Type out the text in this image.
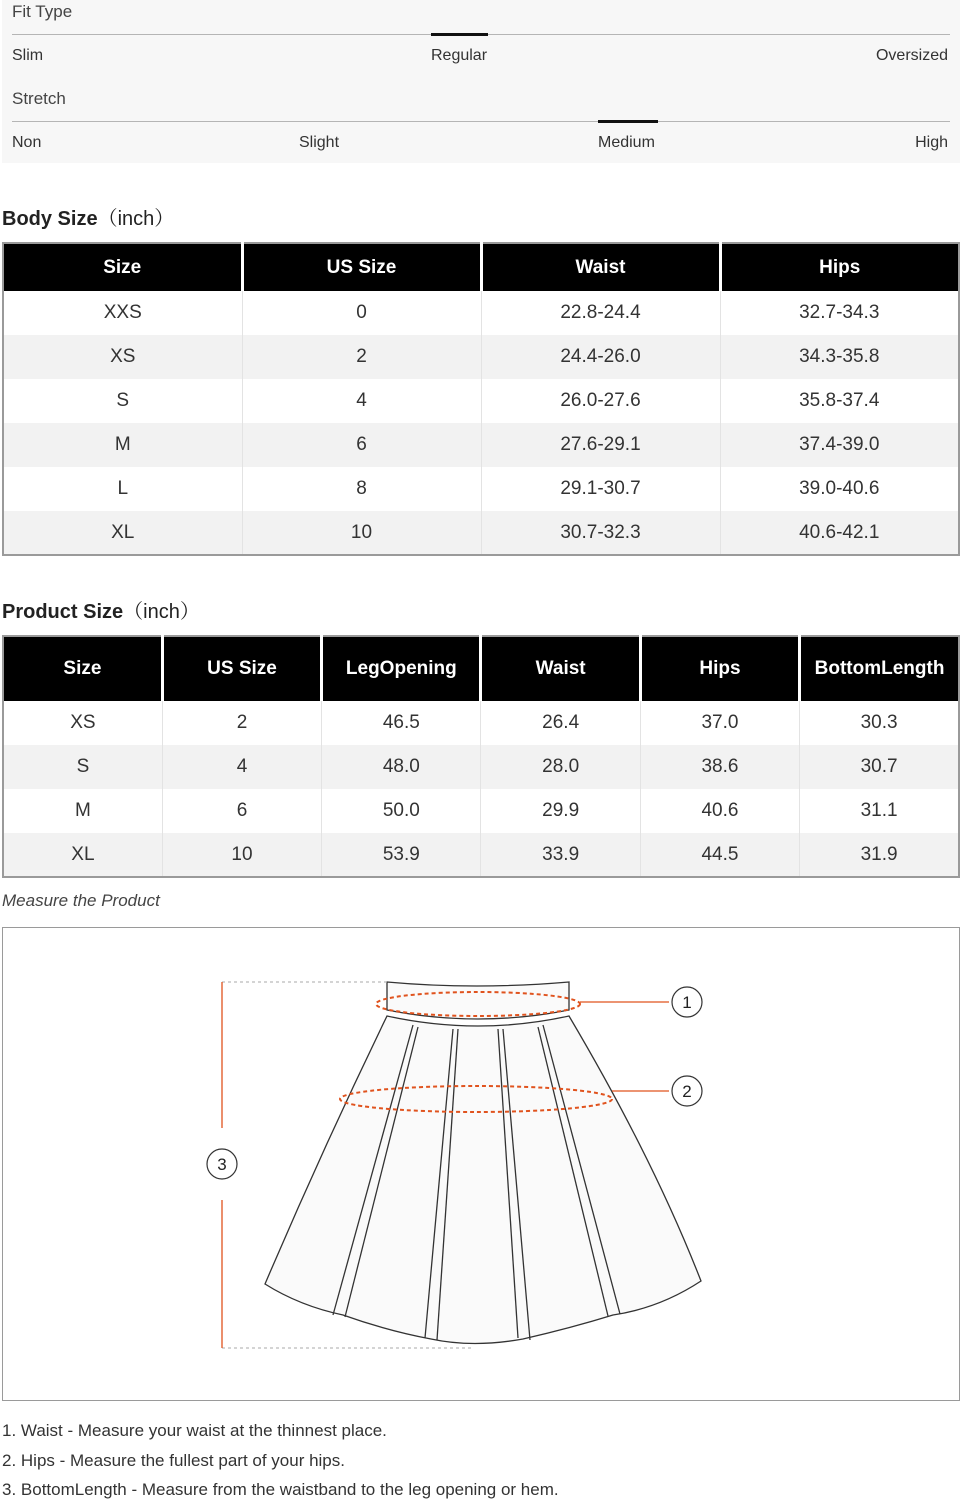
Fit Type
Slim	Regular	Oversized
Stretch
Non	Slight	Medium	High
Body Size（inch）
Size	US Size	Waist	Hips
XXS	0	22.8-24.4	32.7-34.3
XS	2	24.4-26.0	34.3-35.8
S	4	26.0-27.6	35.8-37.4
M	6	27.6-29.1	37.4-39.0
L	8	29.1-30.7	39.0-40.6
XL	10	30.7-32.3	40.6-42.1
Product Size（inch）
Size	US Size	LegOpening	Waist	Hips	BottomLength
XS	2	46.5	26.4	37.0	30.3
S	4	48.0	28.0	38.6	30.7
M	6	50.0	29.9	40.6	31.1
XL	10	53.9	33.9	44.5	31.9
Measure the Product
1
2
3
1. Waist - Measure your waist at the thinnest place.
2. Hips - Measure the fullest part of your hips.
3. BottomLength - Measure from the waistband to the leg opening or hem.
